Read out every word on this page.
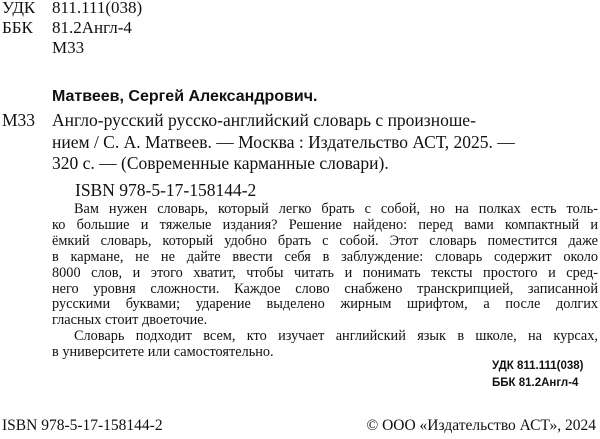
УДК 811.111(038)
ББК 81.2Англ-4
М33
Матвеев, Сергей Александрович.
М33 Англо-русский русско-английский словарь с произноше-
нием / С. А. Матвеев. — Москва : Издательство АСТ, 2025. —
320 с. — (Современные карманные словари).
ISBN 978-5-17-158144-2
Вам нужен словарь, который легко брать с собой, но на полках есть толь-
ко большие и тяжелые издания? Решение найдено: перед вами компактный и
ёмкий словарь, который удобно брать с собой. Этот словарь поместится даже
в кармане, не не дайте ввести себя в заблуждение: словарь содержит около
8000 слов, и этого хватит, чтобы читать и понимать тексты простого и сред-
него уровня сложности. Каждое слово снабжено транскрипцией, записанной
русскими буквами; ударение выделено жирным шрифтом, а после долгих
гласных стоит двоеточие.
Словарь подходит всем, кто изучает английский язык в школе, на курсах,
в университете или самостоятельно.
УДК 811.111(038)
ББК 81.2Англ-4
ISBN 978-5-17-158144-2	© ООО «Издательство АСТ», 2024
